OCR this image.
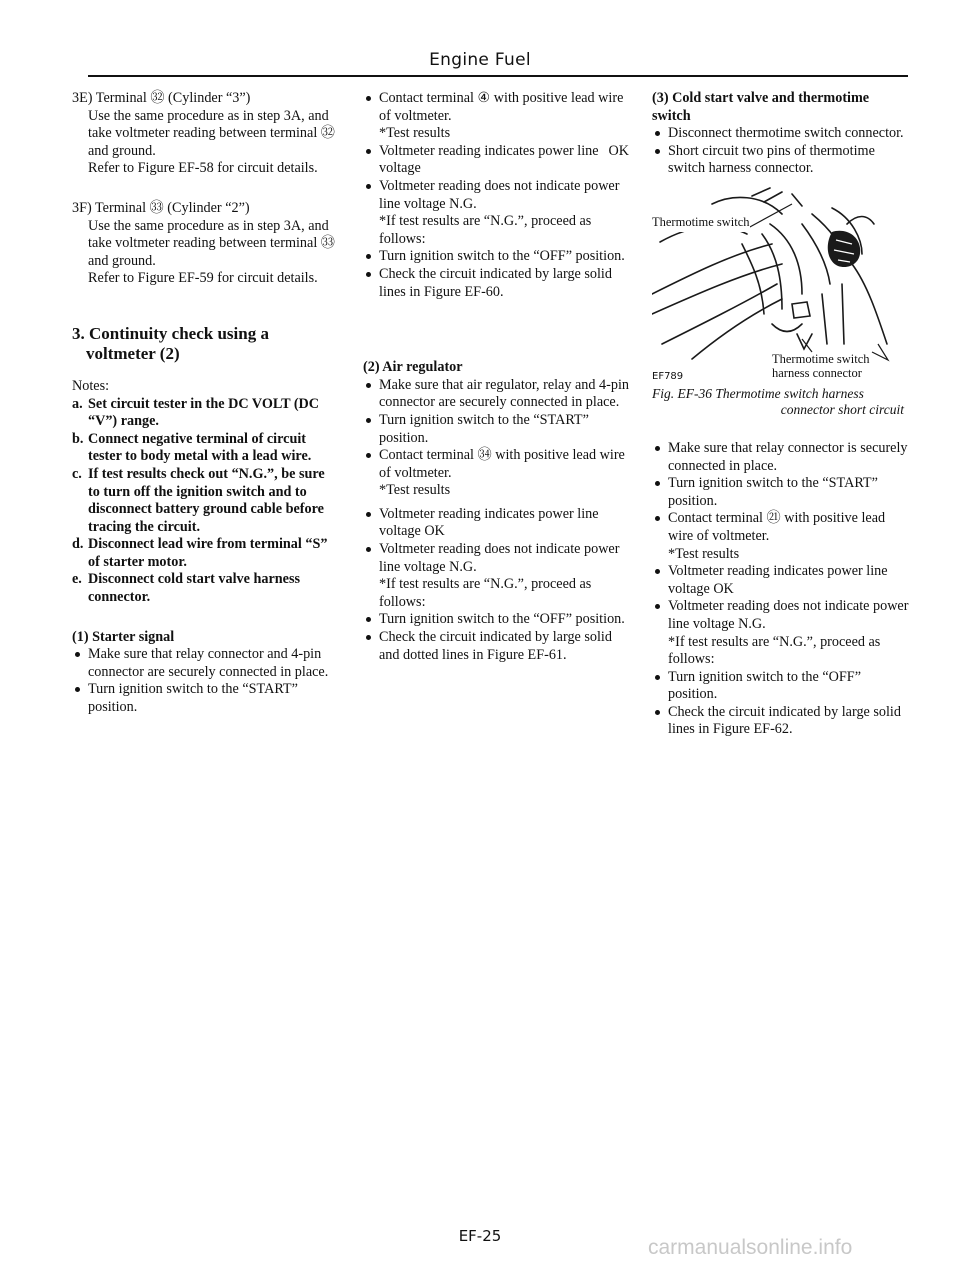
Engine Fuel

3E) Terminal ㉜ (Cylinder “3”)

Use the same procedure as in step 3A, and take voltmeter reading between terminal ㉜ and ground.

Refer to Figure EF-58 for circuit details.

3F) Terminal ㉝ (Cylinder “2”)

Use the same procedure as in step 3A, and take voltmeter reading between terminal ㉝ and ground.

Refer to Figure EF-59 for circuit details.

3. Continuity check using a
voltmeter (2)

Notes:

a. Set circuit tester in the DC VOLT (DC “V”) range.
b. Connect negative terminal of circuit tester to body metal with a lead wire.
c. If test results check out “N.G.”, be sure to turn off the ignition switch and to disconnect battery ground cable before tracing the circuit.
d. Disconnect lead wire from terminal “S” of starter motor.
e. Disconnect cold start valve harness connector.

(1) Starter signal

Make sure that relay connector and 4-pin connector are securely connected in place.
Turn ignition switch to the “START” position.
Contact terminal ④ with positive lead wire of voltmeter.
*Test results
Voltmeter reading indicates power line voltage
OK
Voltmeter reading does not indicate power line voltage N.G.
*If test results are “N.G.”, proceed as follows:
Turn ignition switch to the “OFF” position.
Check the circuit indicated by large solid lines in Figure EF-60.

(2) Air regulator

Make sure that air regulator, relay and 4-pin connector are securely connected in place.
Turn ignition switch to the “START” position.
Contact terminal ㉞ with positive lead wire of voltmeter.
*Test results
Voltmeter reading indicates power line voltage OK
Voltmeter reading does not indicate power line voltage N.G.
*If test results are “N.G.”, proceed as follows:
Turn ignition switch to the “OFF” position.
Check the circuit indicated by large solid and dotted lines in Figure EF-61.

(3) Cold start valve and thermotime switch

Disconnect thermotime switch connector.
Short circuit two pins of thermotime switch harness connector.
Thermotime switch
Thermotime switch
harness connector
EF789
Fig. EF-36 Thermotime switch harness
connector short circuit
Make sure that relay connector is securely connected in place.
Turn ignition switch to the “START” position.
Contact terminal ㉑ with positive lead wire of voltmeter.
*Test results
Voltmeter reading indicates power line voltage OK
Voltmeter reading does not indicate power line voltage N.G.
*If test results are “N.G.”, proceed as follows:
Turn ignition switch to the “OFF” position.
Check the circuit indicated by large solid lines in Figure EF-62.
EF-25	carmanualsonline.info
